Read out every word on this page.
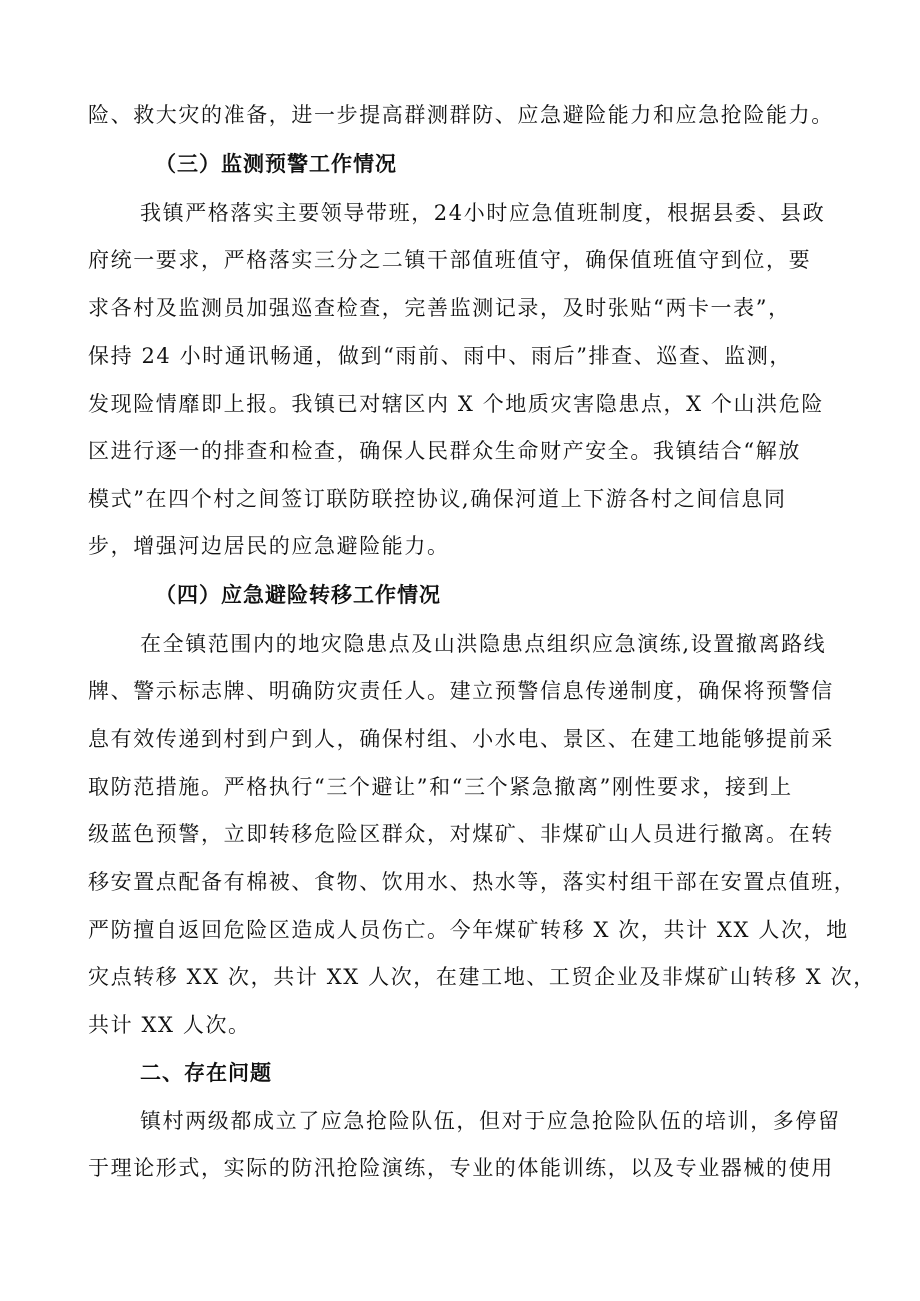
险、救大灾的准备，进一步提高群测群防、应急避险能力和应急抢险能力。
（三）监测预警工作情况
我镇严格落实主要领导带班，24小时应急值班制度，根据县委、县政
府统一要求，严格落实三分之二镇干部值班值守，确保值班值守到位，要
求各村及监测员加强巡查检查，完善监测记录，及时张贴“两卡一表”，
保持 24 小时通讯畅通，做到“雨前、雨中、雨后”排查、巡查、监测，
发现险情靡即上报。我镇已对辖区内 X 个地质灾害隐患点，X 个山洪危险
区进行逐一的排查和检查，确保人民群众生命财产安全。我镇结合“解放
模式”在四个村之间签订联防联控协议,确保河道上下游各村之间信息同
步，增强河边居民的应急避险能力。
（四）应急避险转移工作情况
在全镇范围内的地灾隐患点及山洪隐患点组织应急演练,设置撤离路线
牌、警示标志牌、明确防灾责任人。建立预警信息传递制度，确保将预警信
息有效传递到村到户到人，确保村组、小水电、景区、在建工地能够提前采
取防范措施。严格执行“三个避让”和“三个紧急撤离”刚性要求，接到上
级蓝色预警，立即转移危险区群众，对煤矿、非煤矿山人员进行撤离。在转
移安置点配备有棉被、食物、饮用水、热水等，落实村组干部在安置点值班，
严防擅自返回危险区造成人员伤亡。今年煤矿转移 X 次，共计 XX 人次，地
灾点转移 XX 次，共计 XX 人次，在建工地、工贸企业及非煤矿山转移 X 次，
共计 XX 人次。
二、存在问题
镇村两级都成立了应急抢险队伍，但对于应急抢险队伍的培训，多停留
于理论形式，实际的防汛抢险演练，专业的体能训练，以及专业器械的使用
